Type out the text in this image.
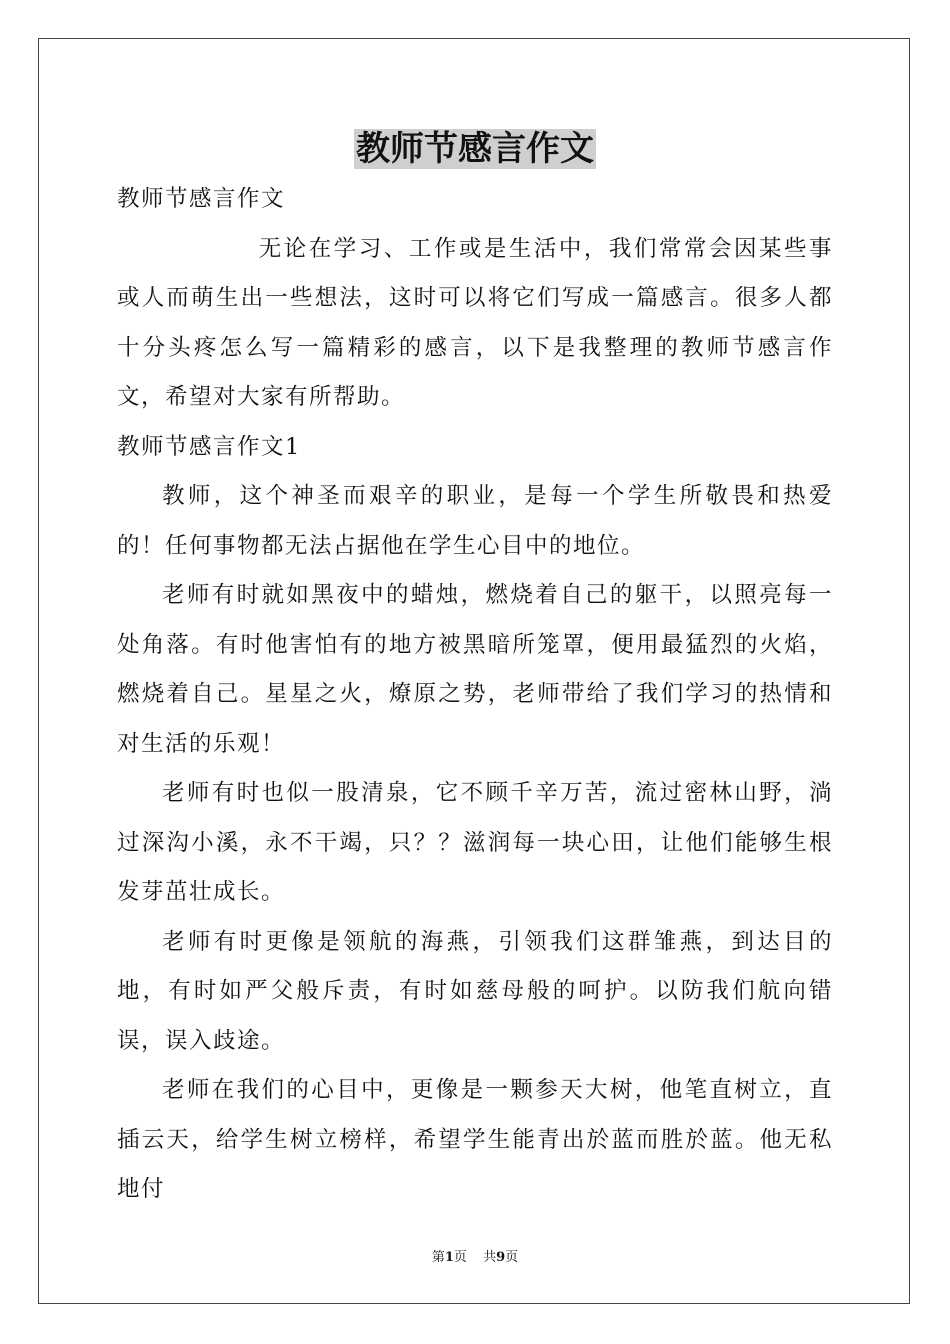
教师节感言作文

教师节感言作文

无论在学习、工作或是生活中，我们常常会因某些事或人而萌生出一些想法，这时可以将它们写成一篇感言。很多人都十分头疼怎么写一篇精彩的感言，以下是我整理的教师节感言作文，希望对大家有所帮助。

教师节感言作文1

教师，这个神圣而艰辛的职业，是每一个学生所敬畏和热爱的！任何事物都无法占据他在学生心目中的地位。

老师有时就如黑夜中的蜡烛，燃烧着自己的躯干，以照亮每一处角落。有时他害怕有的地方被黑暗所笼罩，便用最猛烈的火焰，燃烧着自己。星星之火，燎原之势，老师带给了我们学习的热情和对生活的乐观！

老师有时也似一股清泉，它不顾千辛万苦，流过密林山野，淌过深沟小溪，永不干竭，只？？滋润每一块心田，让他们能够生根发芽茁壮成长。

老师有时更像是领航的海燕，引领我们这群雏燕，到达目的地，有时如严父般斥责，有时如慈母般的呵护。以防我们航向错误，误入歧途。

老师在我们的心目中，更像是一颗参天大树，他笔直树立，直插云天，给学生树立榜样，希望学生能青出於蓝而胜於蓝。他无私地付

第1页 共9页
